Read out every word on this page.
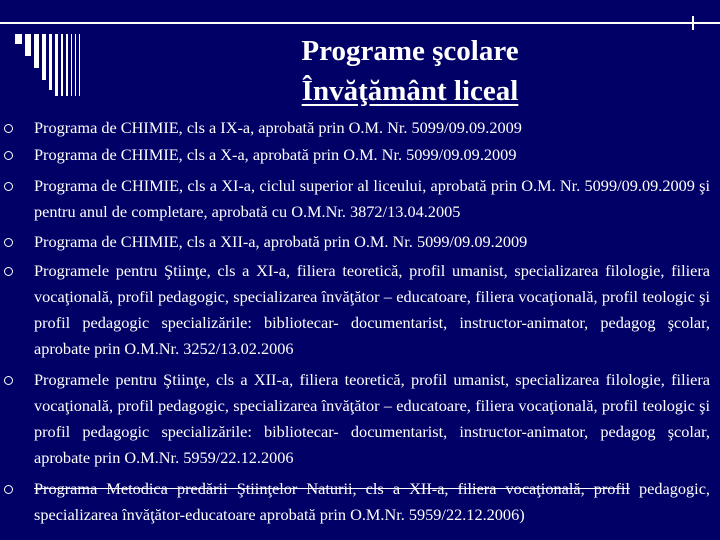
Programe şcolare
Învăţământ liceal
Programa de CHIMIE, cls a IX-a, aprobată prin O.M. Nr. 5099/09.09.2009
Programa de CHIMIE, cls a X-a, aprobată prin O.M. Nr. 5099/09.09.2009
Programa de CHIMIE, cls a XI-a, ciclul superior al liceului, aprobată prin O.M. Nr. 5099/09.09.2009 şi pentru anul de completare, aprobată cu O.M.Nr. 3872/13.04.2005
Programa de CHIMIE, cls a XII-a, aprobată prin O.M. Nr. 5099/09.09.2009
Programele pentru Ştiinţe, cls a XI-a, filiera teoretică, profil umanist, specializarea filologie, filiera vocaţională, profil pedagogic, specializarea învăţător – educatoare, filiera vocaţională, profil teologic şi profil pedagogic specializările: bibliotecar- documentarist, instructor-animator, pedagog şcolar, aprobate prin O.M.Nr. 3252/13.02.2006
Programele pentru Ştiinţe, cls a XII-a, filiera teoretică, profil umanist, specializarea filologie, filiera vocaţională, profil pedagogic, specializarea învăţător – educatoare, filiera vocaţională, profil teologic şi profil pedagogic specializările: bibliotecar- documentarist, instructor-animator, pedagog şcolar, aprobate prin O.M.Nr. 5959/22.12.2006
Programa Metodica predării Ştiinţelor Naturii, cls a XII-a, filiera vocaţională, profil pedagogic, specializarea învăţător-educatoare aprobată prin O.M.Nr. 5959/22.12.2006)
